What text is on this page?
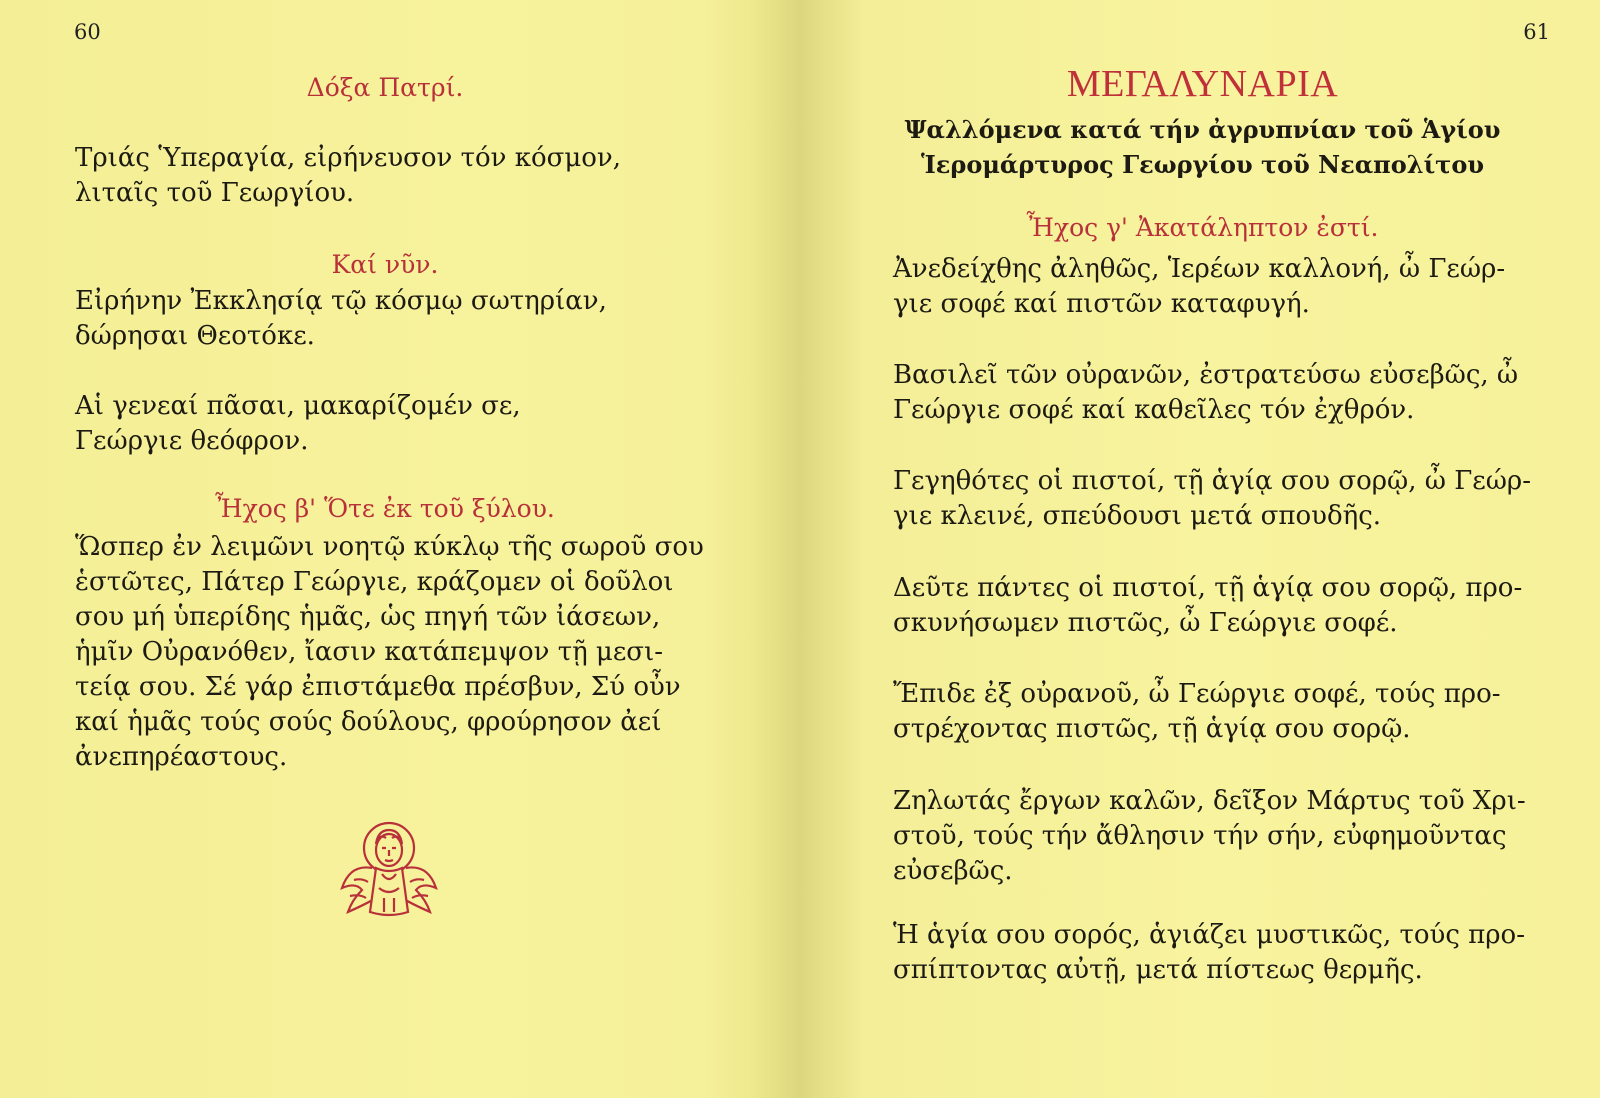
60
Δόξα Πατρί.
Τριάς Ὑπεραγία, εἰρήνευσον τόν κόσμον,
λιταῖς τοῦ Γεωργίου.
Καί νῦν.
Εἰρήνην Ἐκκλησίᾳ τῷ κόσμῳ σωτηρίαν,
δώρησαι Θεοτόκε.
Αἱ γενεαί πᾶσαι, μακαρίζομέν σε,
Γεώργιε θεόφρον.
Ἦχος β' Ὅτε ἐκ τοῦ ξύλου.
Ὥσπερ ἐν λειμῶνι νοητῷ κύκλῳ τῆς σωροῦ σου
ἑστῶτες, Πάτερ Γεώργιε, κράζομεν οἱ δοῦλοι
σου μή ὑπερίδης ἡμᾶς, ὡς πηγή τῶν ἰάσεων,
ἡμῖν Οὐρανόθεν, ἴασιν κατάπεμψον τῇ μεσι-
τείᾳ σου. Σέ γάρ ἐπιστάμεθα πρέσβυν, Σύ οὖν
καί ἡμᾶς τούς σούς δούλους, φρούρησον ἀεί
ἀνεπηρέαστους.
61
ΜΕΓΑΛΥΝΑΡΙΑ
Ψαλλόμενα κατά τήν ἀγρυπνίαν τοῦ Ἁγίου
Ἱερομάρτυρος Γεωργίου τοῦ Νεαπολίτου
Ἦχος γ' Ἀκατάληπτον ἐστί.
Ἀνεδείχθης ἀληθῶς, Ἱερέων καλλονή, ὦ Γεώρ-
γιε σοφέ καί πιστῶν καταφυγή.
Βασιλεῖ τῶν οὐρανῶν, ἐστρατεύσω εὐσεβῶς, ὦ
Γεώργιε σοφέ καί καθεῖλες τόν ἐχθρόν.
Γεγηθότες οἱ πιστοί, τῇ ἁγίᾳ σου σορῷ, ὦ Γεώρ-
γιε κλεινέ, σπεύδουσι μετά σπουδῆς.
Δεῦτε πάντες οἱ πιστοί, τῇ ἁγίᾳ σου σορῷ, προ-
σκυνήσωμεν πιστῶς, ὦ Γεώργιε σοφέ.
Ἔπιδε ἐξ οὐρανοῦ, ὦ Γεώργιε σοφέ, τούς προ-
στρέχοντας πιστῶς, τῇ ἁγίᾳ σου σορῷ.
Ζηλωτάς ἔργων καλῶν, δεῖξον Μάρτυς τοῦ Χρι-
στοῦ, τούς τήν ἄθλησιν τήν σήν, εὐφημοῦντας
εὐσεβῶς.
Ἡ ἁγία σου σορός, ἁγιάζει μυστικῶς, τούς προ-
σπίπτοντας αὐτῇ, μετά πίστεως θερμῆς.
